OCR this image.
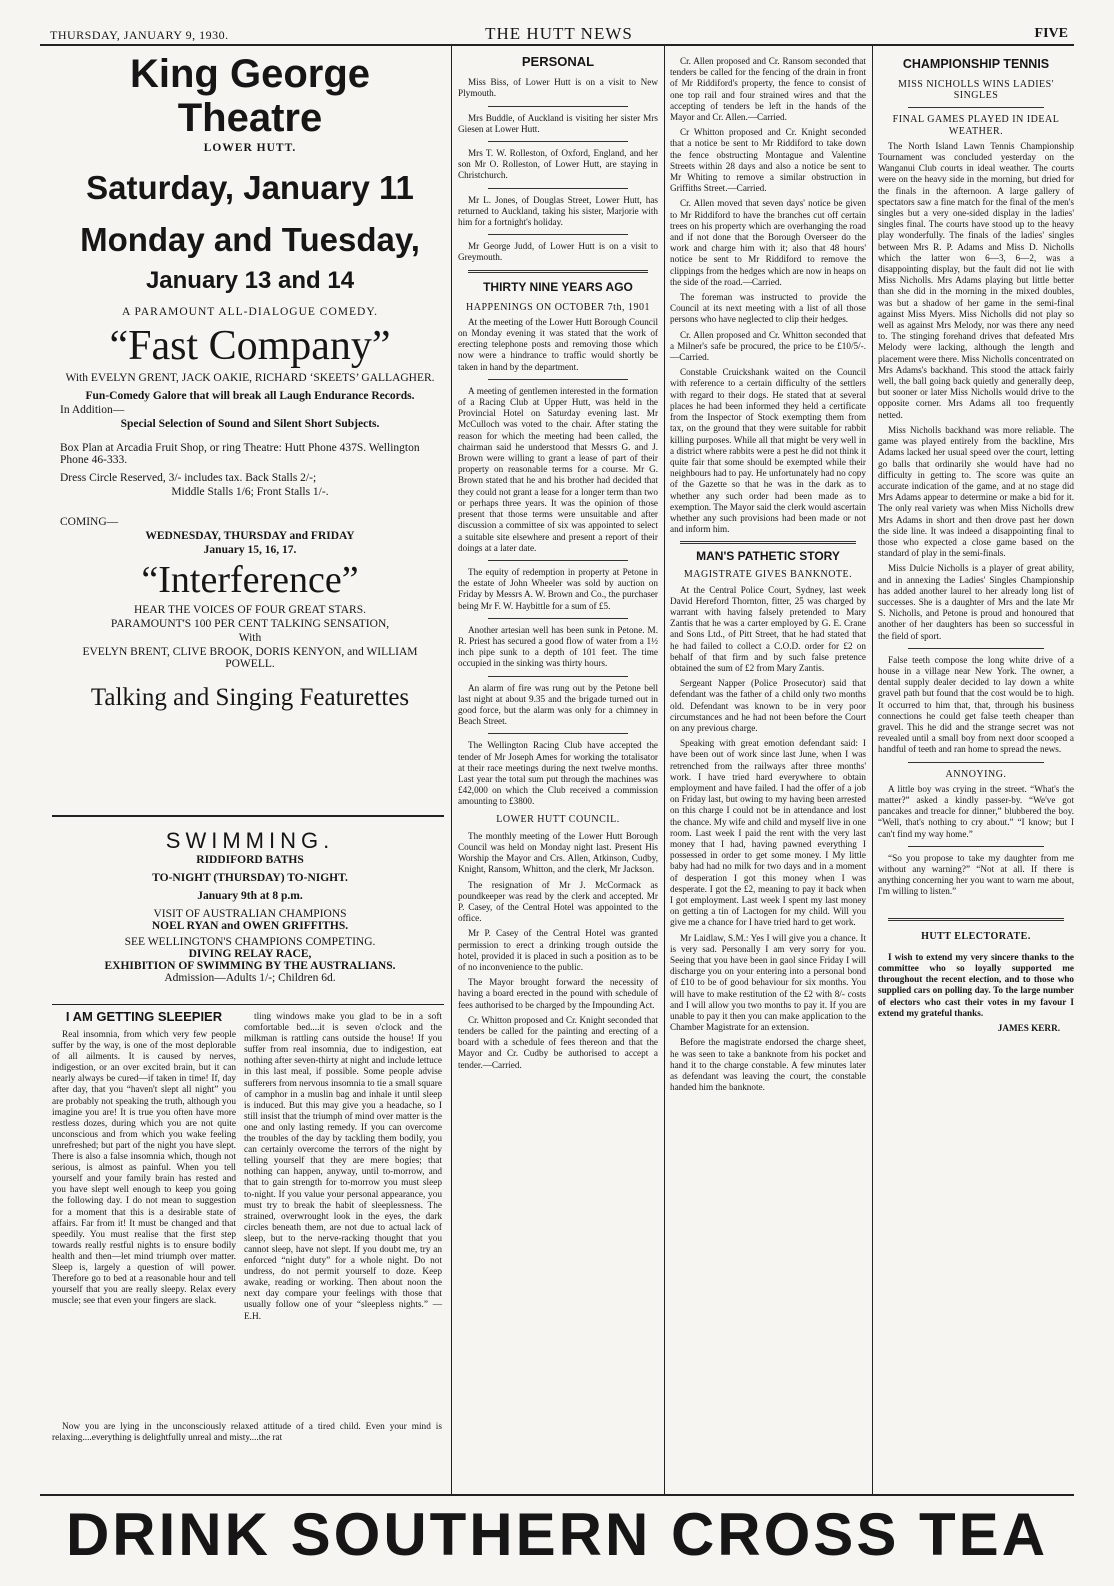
THURSDAY, JANUARY 9, 1930.	THE HUTT NEWS	FIVE
King George Theatre
LOWER HUTT.
Saturday, January 11
Monday and Tuesday,
January 13 and 14
A PARAMOUNT ALL-DIALOGUE COMEDY.
“Fast Company”
With EVELYN GRENT, JACK OAKIE, RICHARD ‘SKEETS’ GALLAGHER.
Fun-Comedy Galore that will break all Laugh Endurance Records.
In Addition—
Special Selection of Sound and Silent Short Subjects.
Box Plan at Arcadia Fruit Shop, or ring Theatre: Hutt Phone 437S. Wellington Phone 46-333.
Dress Circle Reserved, 3/- includes tax. Back Stalls 2/-;
Middle Stalls 1/6; Front Stalls 1/-.
COMING—
WEDNESDAY, THURSDAY and FRIDAY
January 15, 16, 17.
“Interference”
HEAR THE VOICES OF FOUR GREAT STARS.
PARAMOUNT'S 100 PER CENT TALKING SENSATION,
With
EVELYN BRENT, CLIVE BROOK, DORIS KENYON, and WILLIAM POWELL.
Talking and Singing Featurettes
SWIMMING.
RIDDIFORD BATHS
TO-NIGHT (THURSDAY) TO-NIGHT.
January 9th at 8 p.m.
VISIT OF AUSTRALIAN CHAMPIONS
NOEL RYAN and OWEN GRIFFITHS.
SEE WELLINGTON'S CHAMPIONS COMPETING.
DIVING RELAY RACE,
EXHIBITION OF SWIMMING BY THE AUSTRALIANS.
Admission—Adults 1/-; Children 6d.
I AM GETTING SLEEPIER

Real insomnia, from which very few people suffer by the way, is one of the most deplorable of all ailments. It is caused by nerves, indigestion, or an over excited brain, but it can nearly always be cured—if taken in time! If, day after day, that you “haven't slept all night” you are probably not speaking the truth, although you imagine you are! It is true you often have more restless dozes, during which you are not quite unconscious and from which you wake feeling unrefreshed; but part of the night you have slept. There is also a false insomnia which, though not serious, is almost as painful. When you tell yourself and your family brain has rested and you have slept well enough to keep you going the following day. I do not mean to suggestion for a moment that this is a desirable state of affairs. Far from it! It must be changed and that speedily. You must realise that the first step towards really restful nights is to ensure bodily health and then—let mind triumph over matter. Sleep is, largely a question of will power. Therefore go to bed at a reasonable hour and tell yourself that you are really sleepy. Relax every muscle; see that even your fingers are slack.

Now you are lying in the unconsciously relaxed attitude of a tired child. Even your mind is relaxing....everything is delightfully unreal and misty....the rat

tling windows make you glad to be in a soft comfortable bed....it is seven o'clock and the milkman is rattling cans outside the house! If you suffer from real insomnia, due to indigestion, eat nothing after seven-thirty at night and include lettuce in this last meal, if possible. Some people advise sufferers from nervous insomnia to tie a small square of camphor in a muslin bag and inhale it until sleep is induced. But this may give you a headache, so I still insist that the triumph of mind over matter is the one and only lasting remedy. If you can overcome the troubles of the day by tackling them bodily, you can certainly overcome the terrors of the night by telling yourself that they are mere bogies; that nothing can happen, anyway, until to-morrow, and that to gain strength for to-morrow you must sleep to-night. If you value your personal appearance, you must try to break the habit of sleeplessness. The strained, overwrought look in the eyes, the dark circles beneath them, are not due to actual lack of sleep, but to the nerve-racking thought that you cannot sleep, have not slept. If you doubt me, try an enforced “night duty” for a whole night. Do not undress, do not permit yourself to doze. Keep awake, reading or working. Then about noon the next day compare your feelings with those that usually follow one of your “sleepless nights.” —E.H.

PERSONAL

Miss Biss, of Lower Hutt is on a visit to New Plymouth.

Mrs Buddle, of Auckland is visiting her sister Mrs Giesen at Lower Hutt.

Mrs T. W. Rolleston, of Oxford, England, and her son Mr O. Rolleston, of Lower Hutt, are staying in Christchurch.

Mr L. Jones, of Douglas Street, Lower Hutt, has returned to Auckland, taking his sister, Marjorie with him for a fortnight's holiday.

Mr George Judd, of Lower Hutt is on a visit to Greymouth.

THIRTY NINE YEARS AGO
HAPPENINGS ON OCTOBER 7th, 1901

At the meeting of the Lower Hutt Borough Council on Monday evening it was stated that the work of erecting telephone posts and removing those which now were a hindrance to traffic would shortly be taken in hand by the department.

A meeting of gentlemen interested in the formation of a Racing Club at Upper Hutt, was held in the Provincial Hotel on Saturday evening last. Mr McCulloch was voted to the chair. After stating the reason for which the meeting had been called, the chairman said he understood that Messrs G. and J. Brown were willing to grant a lease of part of their property on reasonable terms for a course. Mr G. Brown stated that he and his brother had decided that they could not grant a lease for a longer term than two or perhaps three years. It was the opinion of those present that those terms were unsuitable and after discussion a committee of six was appointed to select a suitable site elsewhere and present a report of their doings at a later date.

The equity of redemption in property at Petone in the estate of John Wheeler was sold by auction on Friday by Messrs A. W. Brown and Co., the purchaser being Mr F. W. Haybittle for a sum of £5.

Another artesian well has been sunk in Petone. M. R. Priest has secured a good flow of water from a 1½ inch pipe sunk to a depth of 101 feet. The time occupied in the sinking was thirty hours.

An alarm of fire was rung out by the Petone bell last night at about 9.35 and the brigade turned out in good force, but the alarm was only for a chimney in Beach Street.

The Wellington Racing Club have accepted the tender of Mr Joseph Ames for working the totalisator at their race meetings during the next twelve months. Last year the total sum put through the machines was £42,000 on which the Club received a commission amounting to £3800.

LOWER HUTT COUNCIL.

The monthly meeting of the Lower Hutt Borough Council was held on Monday night last. Present His Worship the Mayor and Crs. Allen, Atkinson, Cudby, Knight, Ransom, Whitton, and the clerk, Mr Jackson.

The resignation of Mr J. McCormack as poundkeeper was read by the clerk and accepted. Mr P. Casey, of the Central Hotel was appointed to the office.

Mr P. Casey of the Central Hotel was granted permission to erect a drinking trough outside the hotel, provided it is placed in such a position as to be of no inconvenience to the public.

The Mayor brought forward the necessity of having a board erected in the pound with schedule of fees authorised to be charged by the Impounding Act.

Cr. Whitton proposed and Cr. Knight seconded that tenders be called for the painting and erecting of a board with a schedule of fees thereon and that the Mayor and Cr. Cudby be authorised to accept a tender.—Carried.

Cr. Allen proposed and Cr. Ransom seconded that tenders be called for the fencing of the drain in front of Mr Riddiford's property, the fence to consist of one top rail and four strained wires and that the accepting of tenders be left in the hands of the Mayor and Cr. Allen.—Carried.

Cr Whitton proposed and Cr. Knight seconded that a notice be sent to Mr Riddiford to take down the fence obstructing Montague and Valentine Streets within 28 days and also a notice be sent to Mr Whiting to remove a similar obstruction in Griffiths Street.—Carried.

Cr. Allen moved that seven days' notice be given to Mr Riddiford to have the branches cut off certain trees on his property which are overhanging the road and if not done that the Borough Overseer do the work and charge him with it; also that 48 hours' notice be sent to Mr Riddiford to remove the clippings from the hedges which are now in heaps on the side of the road.—Carried.

The foreman was instructed to provide the Council at its next meeting with a list of all those persons who have neglected to clip their hedges.

Cr. Allen proposed and Cr. Whitton seconded that a Milner's safe be procured, the price to be £10/5/-.—Carried.

Constable Cruickshank waited on the Council with reference to a certain difficulty of the settlers with regard to their dogs. He stated that at several places he had been informed they held a certificate from the Inspector of Stock exempting them from tax, on the ground that they were suitable for rabbit killing purposes. While all that might be very well in a district where rabbits were a pest he did not think it quite fair that some should be exempted while their neighbours had to pay. He unfortunately had no copy of the Gazette so that he was in the dark as to whether any such order had been made as to exemption. The Mayor said the clerk would ascertain whether any such provisions had been made or not and inform him.

MAN'S PATHETIC STORY
MAGISTRATE GIVES BANKNOTE.

At the Central Police Court, Sydney, last week David Hereford Thornton, fitter, 25 was charged by warrant with having falsely pretended to Mary Zantis that he was a carter employed by G. E. Crane and Sons Ltd., of Pitt Street, that he had stated that he had failed to collect a C.O.D. order for £2 on behalf of that firm and by such false pretence obtained the sum of £2 from Mary Zantis.

Sergeant Napper (Police Prosecutor) said that defendant was the father of a child only two months old. Defendant was known to be in very poor circumstances and he had not been before the Court on any previous charge.

Speaking with great emotion defendant said: I have been out of work since last June, when I was retrenched from the railways after three months' work. I have tried hard everywhere to obtain employment and have failed. I had the offer of a job on Friday last, but owing to my having been arrested on this charge I could not be in attendance and lost the chance. My wife and child and myself live in one room. Last week I paid the rent with the very last money that I had, having pawned everything I possessed in order to get some money. I My little baby had had no milk for two days and in a moment of desperation I got this money when I was desperate. I got the £2, meaning to pay it back when I got employment. Last week I spent my last money on getting a tin of Lactogen for my child. Will you give me a chance for I have tried hard to get work.

Mr Laidlaw, S.M.: Yes I will give you a chance. It is very sad. Personally I am very sorry for you. Seeing that you have been in gaol since Friday I will discharge you on your entering into a personal bond of £10 to be of good behaviour for six months. You will have to make restitution of the £2 with 8/- costs and I will allow you two months to pay it. If you are unable to pay it then you can make application to the Chamber Magistrate for an extension.

Before the magistrate endorsed the charge sheet, he was seen to take a banknote from his pocket and hand it to the charge constable. A few minutes later as defendant was leaving the court, the constable handed him the banknote.

CHAMPIONSHIP TENNIS
MISS NICHOLLS WINS LADIES' SINGLES
FINAL GAMES PLAYED IN IDEAL WEATHER.

The North Island Lawn Tennis Championship Tournament was concluded yesterday on the Wanganui Club courts in ideal weather. The courts were on the heavy side in the morning, but dried for the finals in the afternoon. A large gallery of spectators saw a fine match for the final of the men's singles but a very one-sided display in the ladies' singles final. The courts have stood up to the heavy play wonderfully. The finals of the ladies' singles between Mrs R. P. Adams and Miss D. Nicholls which the latter won 6—3, 6—2, was a disappointing display, but the fault did not lie with Miss Nicholls. Mrs Adams playing but little better than she did in the morning in the mixed doubles, was but a shadow of her game in the semi-final against Miss Myers. Miss Nicholls did not play so well as against Mrs Melody, nor was there any need to. The stinging forehand drives that defeated Mrs Melody were lacking, although the length and placement were there. Miss Nicholls concentrated on Mrs Adams's backhand. This stood the attack fairly well, the ball going back quietly and generally deep, but sooner or later Miss Nicholls would drive to the opposite corner. Mrs Adams all too frequently netted.

Miss Nicholls backhand was more reliable. The game was played entirely from the backline, Mrs Adams lacked her usual speed over the court, letting go balls that ordinarily she would have had no difficulty in getting to. The score was quite an accurate indication of the game, and at no stage did Mrs Adams appear to determine or make a bid for it. The only real variety was when Miss Nicholls drew Mrs Adams in short and then drove past her down the side line. It was indeed a disappointing final to those who expected a close game based on the standard of play in the semi-finals.

Miss Dulcie Nicholls is a player of great ability, and in annexing the Ladies' Singles Championship has added another laurel to her already long list of successes. She is a daughter of Mrs and the late Mr S. Nicholls, and Petone is proud and honoured that another of her daughters has been so successful in the field of sport.

False teeth compose the long white drive of a house in a village near New York. The owner, a dental supply dealer decided to lay down a white gravel path but found that the cost would be to high. It occurred to him that, that, through his business connections he could get false teeth cheaper than gravel. This he did and the strange secret was not revealed until a small boy from next door scooped a handful of teeth and ran home to spread the news.

ANNOYING.

A little boy was crying in the street. “What's the matter?” asked a kindly passer-by. “We've got pancakes and treacle for dinner,” blubbered the boy. “Well, that's nothing to cry about.” “I know; but I can't find my way home.”

“So you propose to take my daughter from me without any warning?” “Not at all. If there is anything concerning her you want to warn me about, I'm willing to listen.”

HUTT ELECTORATE.

I wish to extend my very sincere thanks to the committee who so loyally supported me throughout the recent election, and to those who supplied cars on polling day. To the large number of electors who cast their votes in my favour I extend my grateful thanks.

JAMES KERR.
DRINK SOUTHERN CROSS TEA
